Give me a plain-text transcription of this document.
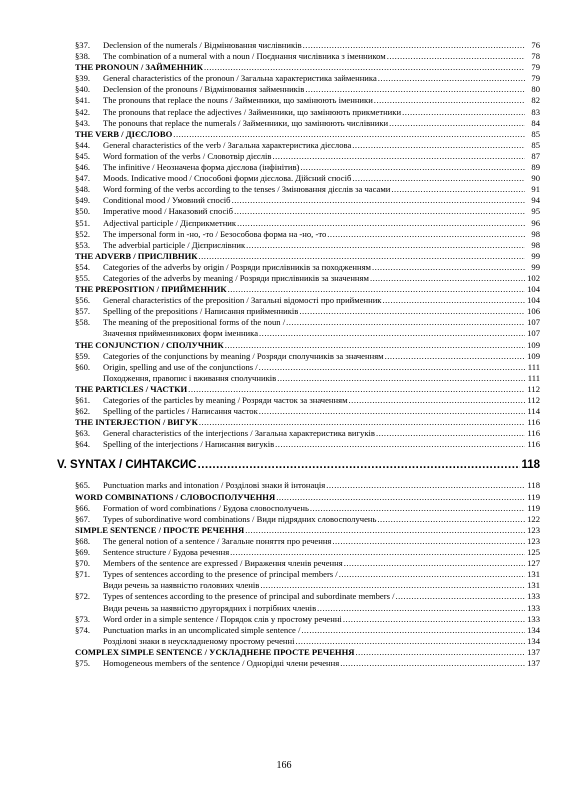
§37.	Declension of the numerals / Відмінювання числівників .....	76
§38.	The combination of a numeral with a noun / Поєднання числівника з іменником .....	78
THE PRONOUN / ЗАЙМЕННИК .....	79
§39.	General characteristics of the pronoun / Загальна характеристика займенника .....	79
§40.	Declension of the pronouns / Відмінювання займенників .....	80
§41.	The pronouns that replace the nouns / Займенники, що замінюють іменники .....	82
§42.	The pronouns that replace the adjectives / Займенники, що замінюють прикметники .....	83
§43.	The ponouns that replace the numerals / Займенники, що замінюють числівники .....	84
THE VERB / ДІЄСЛОВО .....	85
§44.	General characteristics of the verb / Загальна характеристика дієслова .....	85
§45.	Word formation of the verbs / Словотвір дієслів .....	87
§46.	The infinitive / Неозначена форма дієслова (інфінітив) .....	89
§47.	Moods. Indicative mood / Способові форми дієслова. Дійсний спосіб .....	90
§48.	Word forming of the verbs according to the tenses / Змінювання дієслів за часами .....	91
§49.	Conditional mood / Умовний спосіб .....	94
§50.	Imperative mood / Наказовий спосіб .....	95
§51.	Adjectival participle / Дієприкметник .....	96
§52.	The impersonal form in -но, -то / Безособова форма на -но, -то .....	98
§53.	The adverbial participle / Дієприслівник .....	98
THE ADVERB / ПРИСЛІВНИК .....	99
§54.	Categories of the adverbs by origin / Розряди прислівників за походженням .....	99
§55.	Categories of the adverbs by meaning / Розряди прислівників за значенням .....	102
THE PREPOSITION / ПРИЙМЕННИК .....	104
§56.	General characteristics of the preposition / Загальні відомості про прийменник .....	104
§57.	Spelling of the prepositions / Написання прийменників .....	106
§58.	The meaning of the prepositional forms of the noun / .....	107
Значення прийменникових форм іменника .....	107
THE CONJUNCTION / СПОЛУЧНИК .....	109
§59.	Categories of the conjunctions by meaning / Розряди сполучників за значенням .....	109
§60.	Origin, spelling and use of the conjunctions / .....	111
Походження, правопис і вживання сполучників .....	111
THE PARTICLES / ЧАСТКИ .....	112
§61.	Categories of the particles by meaning / Розряди часток за значенням .....	112
§62.	Spelling of the particles / Написання часток .....	114
THE INTERJECTION / ВИГУК .....	116
§63.	General characteristics of the interjections / Загальна характеристика вигуків .....	116
§64.	Spelling of the interjections / Написання вигуків .....	116
V. SYNTAX / СИНТАКСИС .....	118
§65.	Punctuation marks and intonation / Розділові знаки й інтонація .....	118
WORD COMBINATIONS / СЛОВОСПОЛУЧЕННЯ .....	119
§66.	Formation of word combinations / Будова словосполучень .....	119
§67.	Types of subordinative word combinations / Види підрядних словосполучень .....	122
SIMPLE SENTENCE / ПРОСТЕ РЕЧЕННЯ .....	123
§68.	The general notion of a sentence / Загальне поняття про речення .....	123
§69.	Sentence structure / Будова речення .....	125
§70.	Members of the sentence are expressed / Вираження членів речення .....	127
§71.	Types of sentences according to the presence of principal members / .....	131
Види речень за наявністю головних членів .....	131
§72.	Types of sentences according to the presence of principal and subordinate members / .....	133
Види речень за наявністю другорядних і потрібних членів .....	133
§73.	Word order in a simple sentence / Порядок слів у простому реченні .....	133
§74.	Punctuation marks in an uncomplicated simple sentence / .....	134
Розділові знаки в неускладненому простому реченні .....	134
COMPLEX SIMPLE SENTENCE / УСКЛАДНЕНЕ ПРОСТЕ РЕЧЕННЯ .....	137
§75.	Homogeneous members of the sentence / Однорідні члени речення .....	137
166
